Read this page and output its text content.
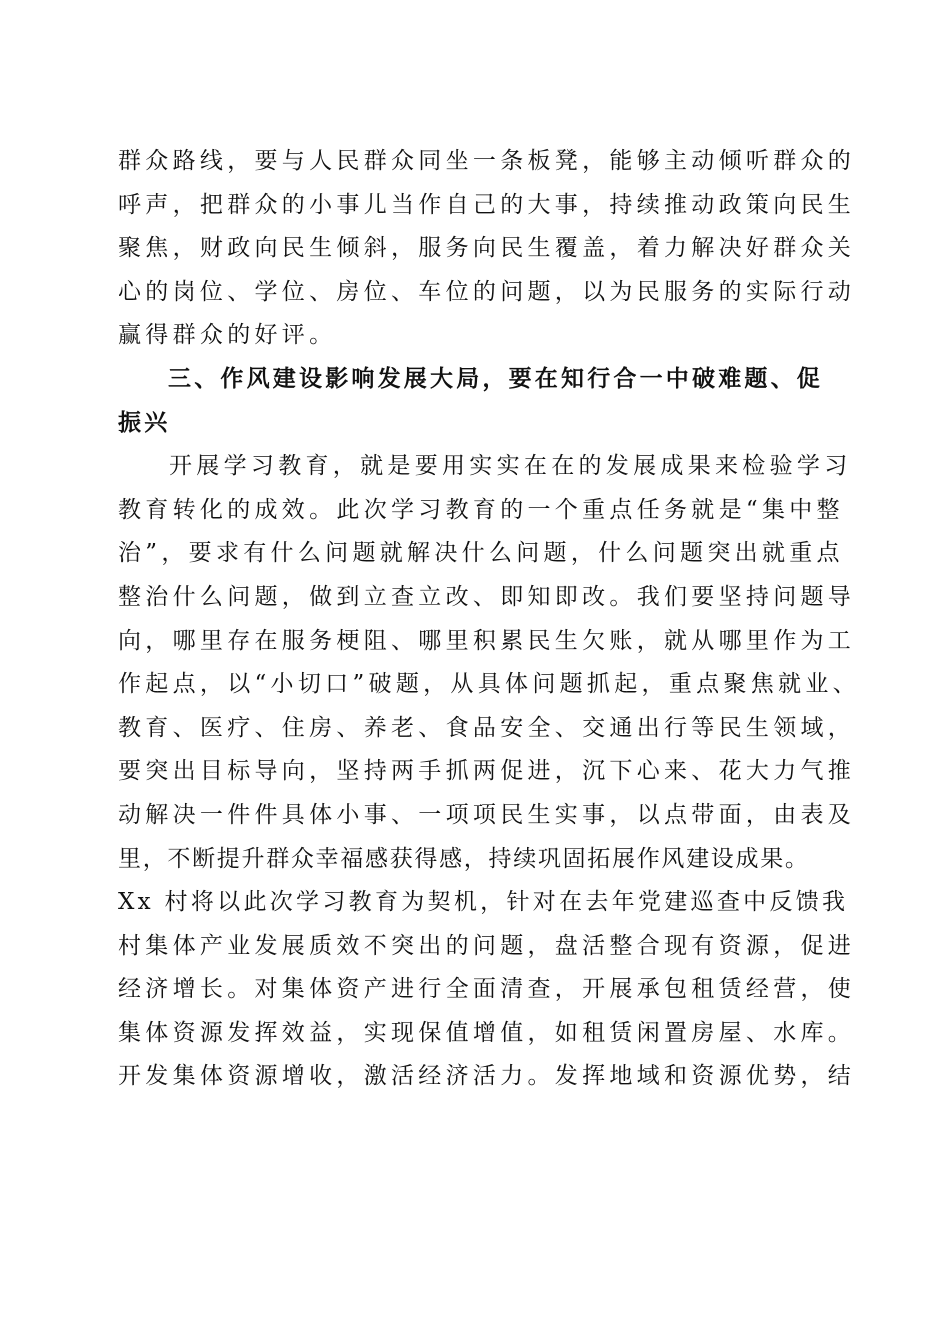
群众路线，要与人民群众同坐一条板凳，能够主动倾听群众的
呼声，把群众的小事儿当作自己的大事，持续推动政策向民生
聚焦，财政向民生倾斜，服务向民生覆盖，着力解决好群众关
心的岗位、学位、房位、车位的问题，以为民服务的实际行动
赢得群众的好评。
三、作风建设影响发展大局，要在知行合一中破难题、促
振兴
开展学习教育，就是要用实实在在的发展成果来检验学习
教育转化的成效。此次学习教育的一个重点任务就是“集中整
治”，要求有什么问题就解决什么问题，什么问题突出就重点
整治什么问题，做到立查立改、即知即改。我们要坚持问题导
向，哪里存在服务梗阻、哪里积累民生欠账，就从哪里作为工
作起点，以“小切口”破题，从具体问题抓起，重点聚焦就业、
教育、医疗、住房、养老、食品安全、交通出行等民生领域，
要突出目标导向，坚持两手抓两促进，沉下心来、花大力气推
动解决一件件具体小事、一项项民生实事，以点带面，由表及
里，不断提升群众幸福感获得感，持续巩固拓展作风建设成果。
Xx 村将以此次学习教育为契机，针对在去年党建巡查中反馈我
村集体产业发展质效不突出的问题，盘活整合现有资源，促进
经济增长。对集体资产进行全面清查，开展承包租赁经营，使
集体资源发挥效益，实现保值增值，如租赁闲置房屋、水库。
开发集体资源增收，激活经济活力。发挥地域和资源优势，结
